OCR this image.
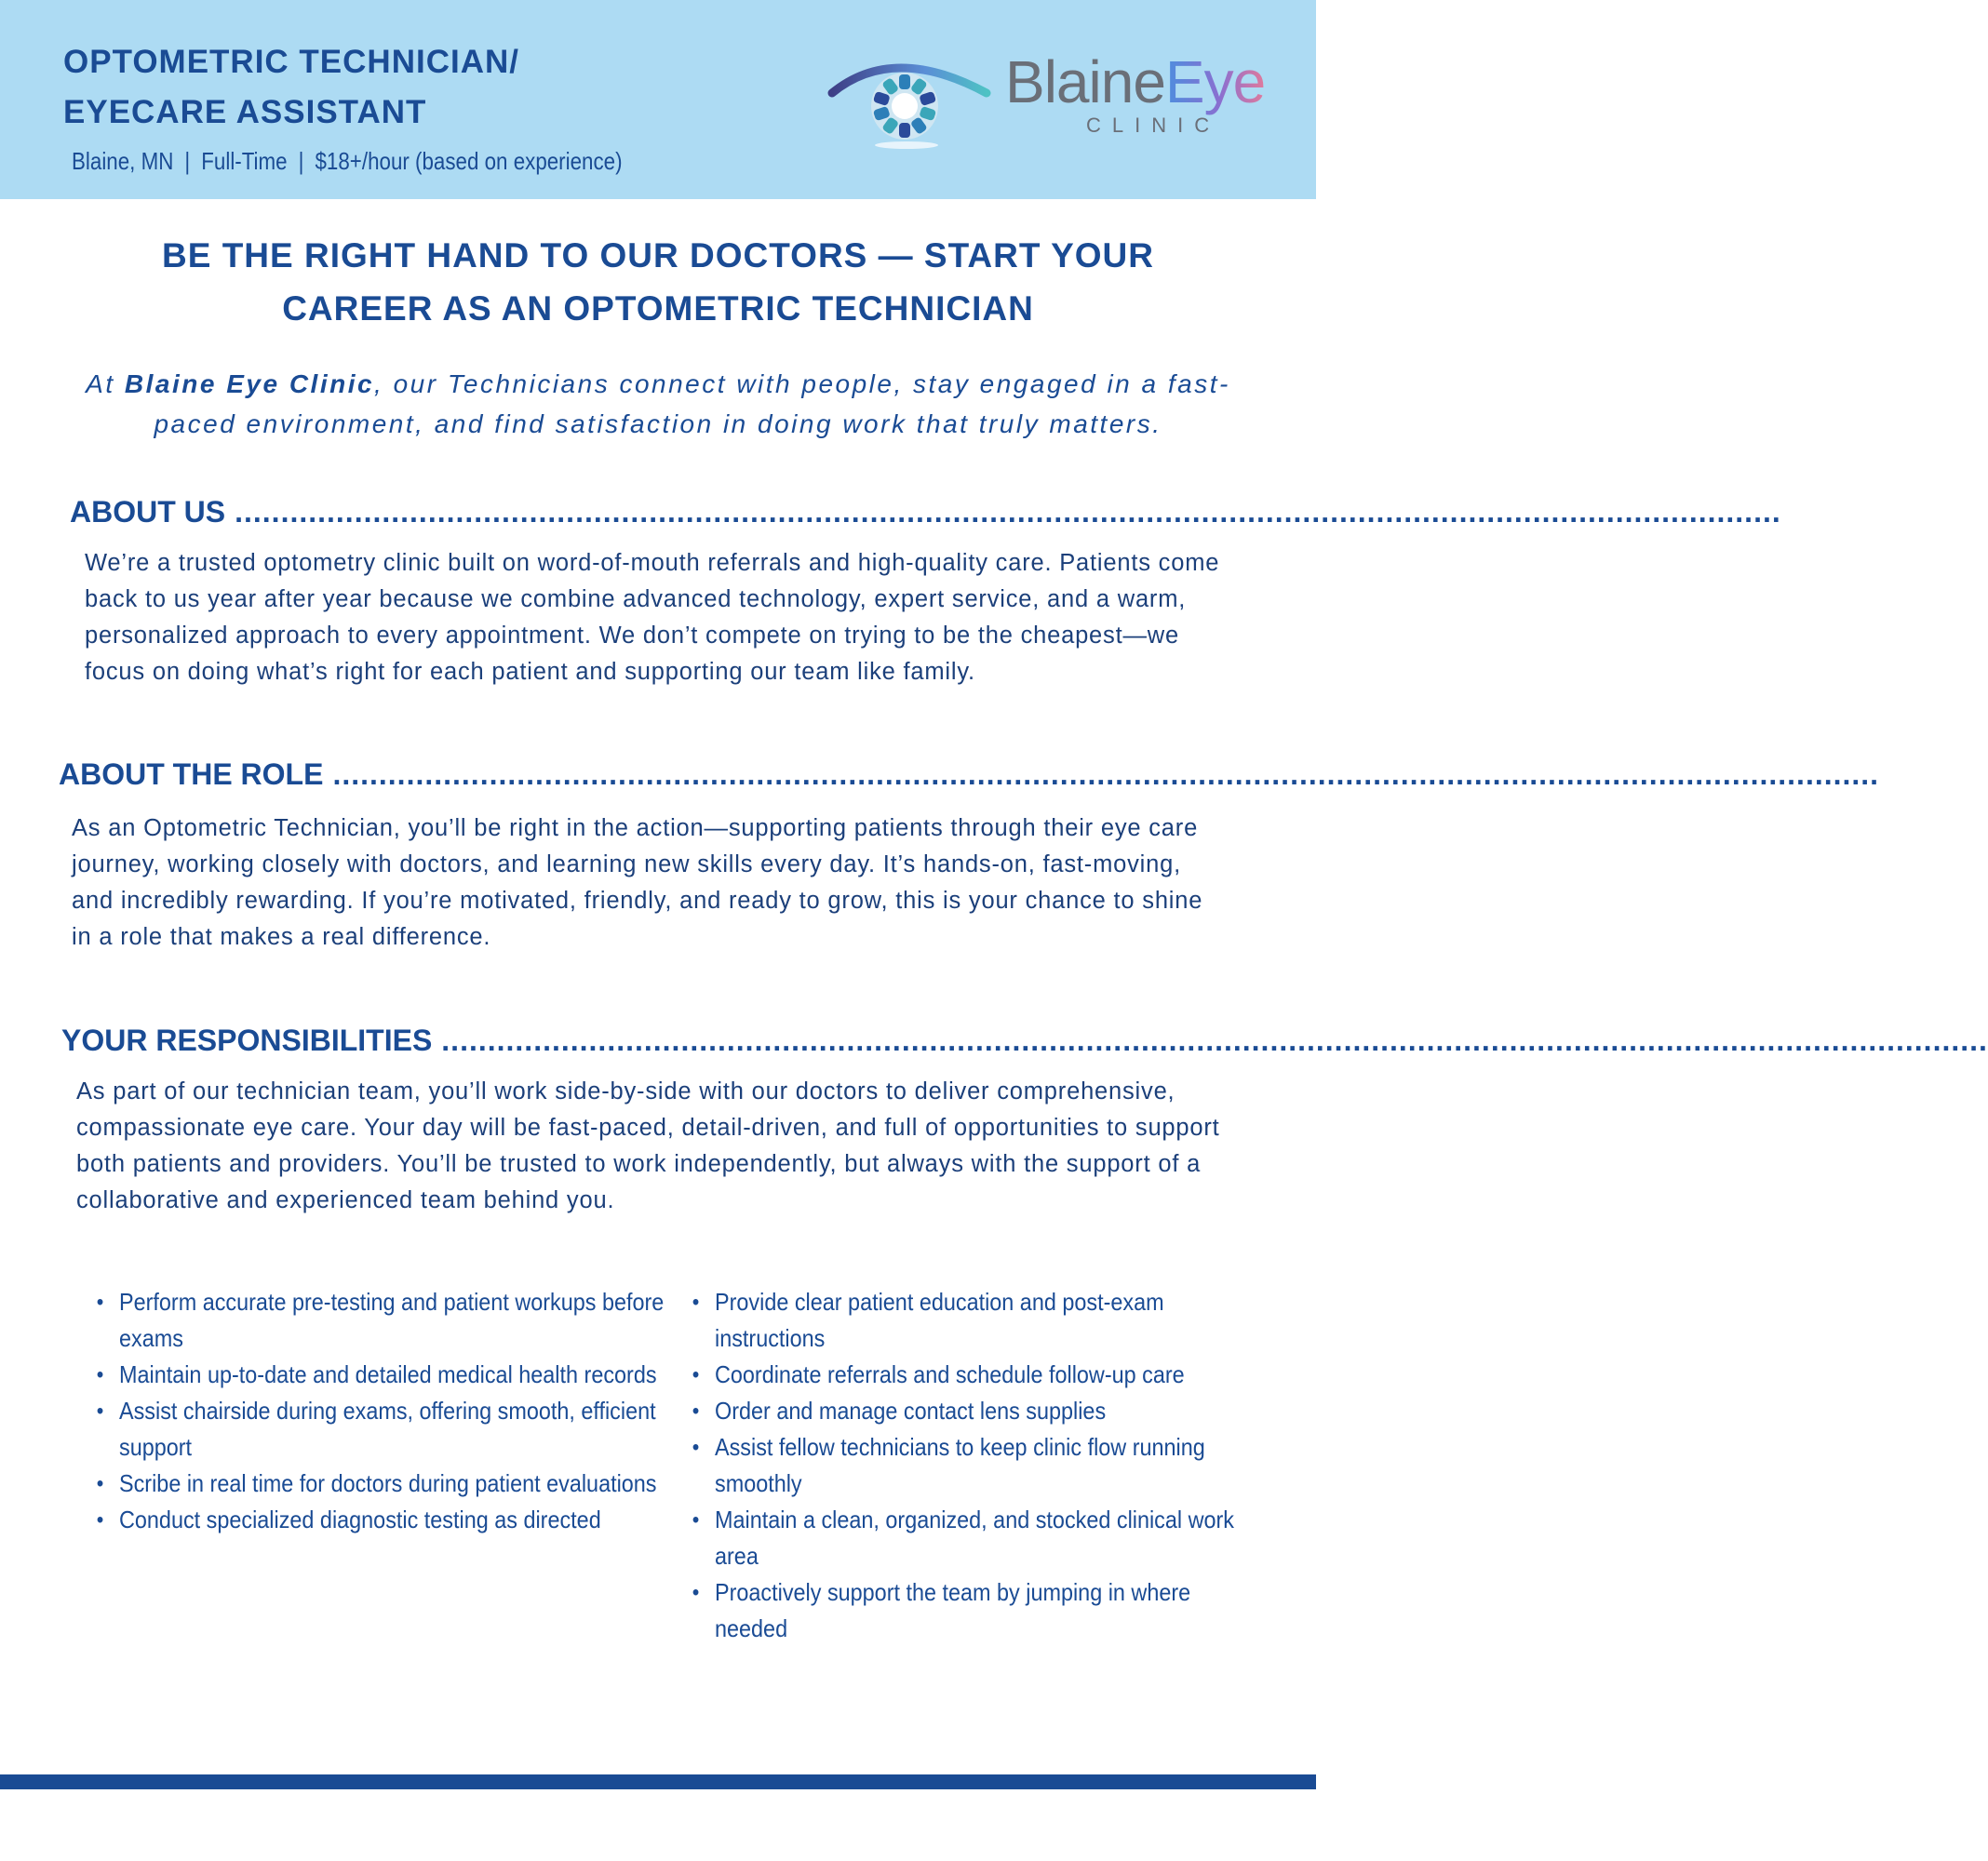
OPTOMETRIC TECHNICIAN/
EYECARE ASSISTANT
Blaine, MN | Full-Time | $18+/hour (based on experience)
BlaineEye
CLINIC
BE THE RIGHT HAND TO OUR DOCTORS — START YOUR
CAREER AS AN OPTOMETRIC TECHNICIAN

At Blaine Eye Clinic, our Technicians connect with people, stay engaged in a fast-paced environment, and find satisfaction in doing work that truly matters.

ABOUT US ........................................................................................................................................................................

We’re a trusted optometry clinic built on word-of-mouth referrals and high-quality care. Patients come back to us year after year because we combine advanced technology, expert service, and a warm, personalized approach to every appointment. We don’t compete on trying to be the cheapest—we focus on doing what’s right for each patient and supporting our team like family.

ABOUT THE ROLE ........................................................................................................................................................................

As an Optometric Technician, you’ll be right in the action—supporting patients through their eye care journey, working closely with doctors, and learning new skills every day. It’s hands-on, fast-moving, and incredibly rewarding. If you’re motivated, friendly, and ready to grow, this is your chance to shine in a role that makes a real difference.

YOUR RESPONSIBILITIES ........................................................................................................................................................................

As part of our technician team, you’ll work side-by-side with our doctors to deliver comprehensive, compassionate eye care. Your day will be fast-paced, detail-driven, and full of opportunities to support both patients and providers. You’ll be trusted to work independently, but always with the support of a collaborative and experienced team behind you.

• Perform accurate pre-testing and patient workups before exams
• Maintain up-to-date and detailed medical health records
• Assist chairside during exams, offering smooth, efficient support
• Scribe in real time for doctors during patient evaluations
• Conduct specialized diagnostic testing as directed
• Provide clear patient education and post-exam instructions
• Coordinate referrals and schedule follow-up care
• Order and manage contact lens supplies
• Assist fellow technicians to keep clinic flow running smoothly
• Maintain a clean, organized, and stocked clinical work area
• Proactively support the team by jumping in where needed
